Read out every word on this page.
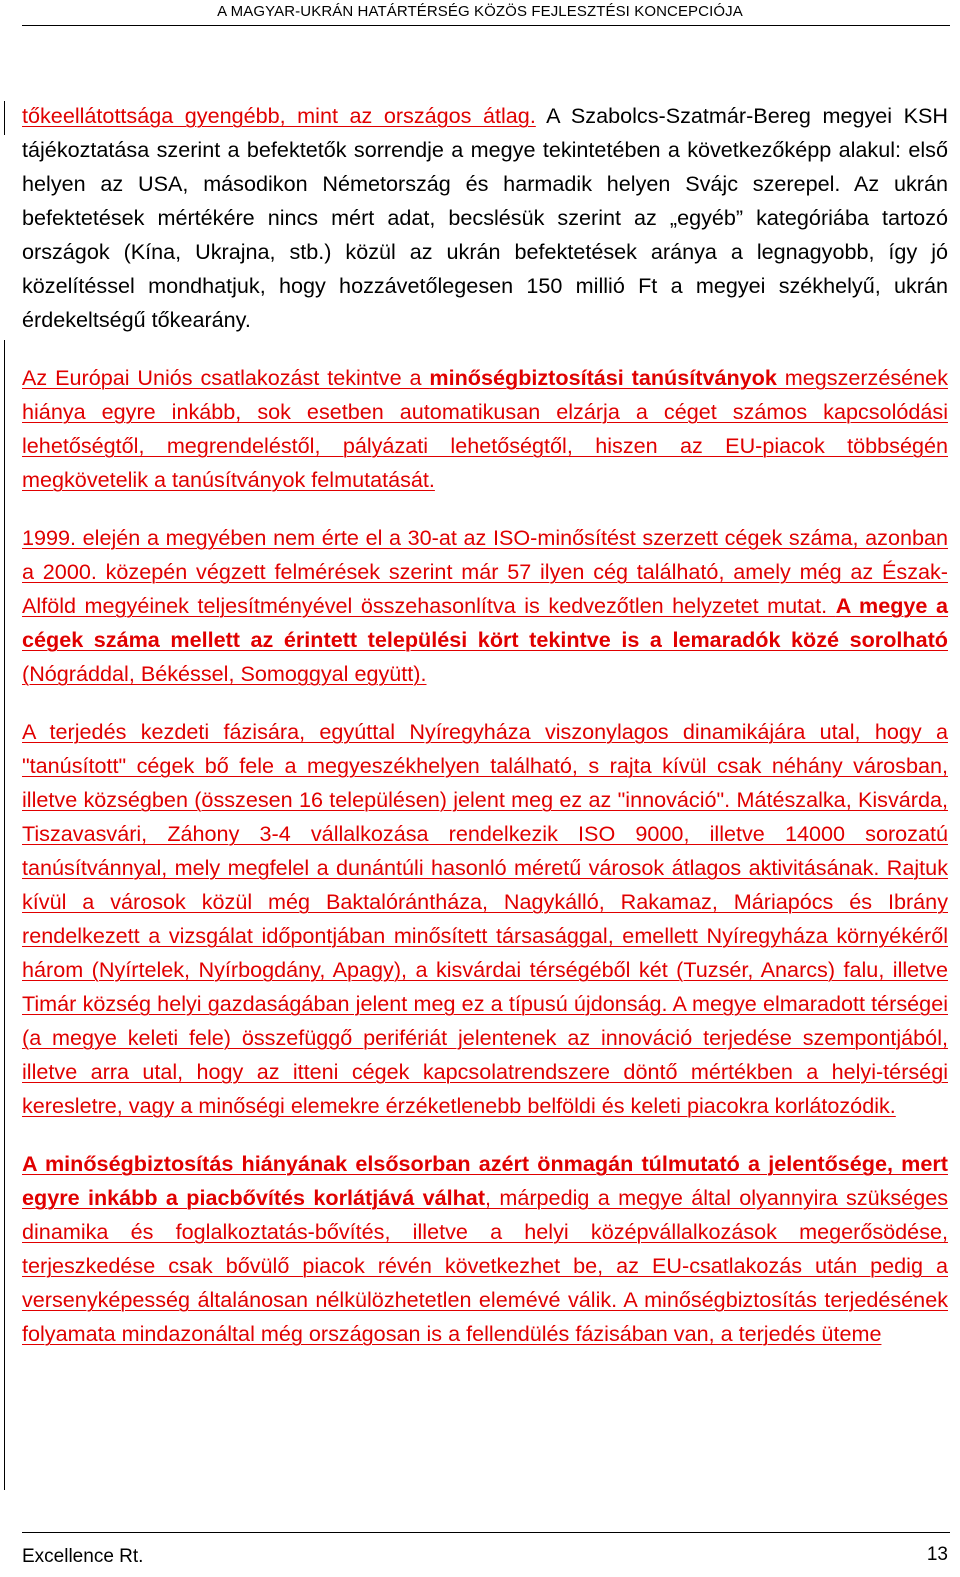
A MAGYAR-UKRÁN HATÁRTÉRSÉG KÖZÖS FEJLESZTÉSI KONCEPCIÓJA

tőkeellátottsága gyengébb, mint az országos átlag. A Szabolcs-Szatmár-Bereg megyei KSH tájékoztatása szerint a befektetők sorrendje a megye tekintetében a következőképp alakul: első helyen az USA, másodikon Németország és harmadik helyen Svájc szerepel. Az ukrán befektetések mértékére nincs mért adat, becslésük szerint az „egyéb” kategóriába tartozó országok (Kína, Ukrajna, stb.) közül az ukrán befektetések aránya a legnagyobb, így jó közelítéssel mondhatjuk, hogy hozzávetőlegesen 150 millió Ft a megyei székhelyű, ukrán érdekeltségű tőkearány.

Az Európai Uniós csatlakozást tekintve a minőségbiztosítási tanúsítványok megszerzésének hiánya egyre inkább, sok esetben automatikusan elzárja a céget számos kapcsolódási lehetőségtől, megrendeléstől, pályázati lehetőségtől, hiszen az EU-piacok többségén megkövetelik a tanúsítványok felmutatását.

1999. elején a megyében nem érte el a 30-at az ISO-minősítést szerzett cégek száma, azonban a 2000. közepén végzett felmérések szerint már 57 ilyen cég található, amely még az Észak-Alföld megyéinek teljesítményével összehasonlítva is kedvezőtlen helyzetet mutat. A megye a cégek száma mellett az érintett települési kört tekintve is a lemaradók közé sorolható (Nógráddal, Békéssel, Somoggyal együtt).

A terjedés kezdeti fázisára, egyúttal Nyíregyháza viszonylagos dinamikájára utal, hogy a "tanúsított" cégek bő fele a megyeszékhelyen található, s rajta kívül csak néhány városban, illetve községben (összesen 16 településen) jelent meg ez az "innováció". Mátészalka, Kisvárda, Tiszavasvári, Záhony 3-4 vállalkozása rendelkezik ISO 9000, illetve 14000 sorozatú tanúsítvánnyal, mely megfelel a dunántúli hasonló méretű városok átlagos aktivitásának. Rajtuk kívül a városok közül még Baktalórántháza, Nagykálló, Rakamaz, Máriapócs és Ibrány rendelkezett a vizsgálat időpontjában minősített társasággal, emellett Nyíregyháza környékéről három (Nyírtelek, Nyírbogdány, Apagy), a kisvárdai térségéből két (Tuzsér, Anarcs) falu, illetve Timár község helyi gazdaságában jelent meg ez a típusú újdonság. A megye elmaradott térségei (a megye keleti fele) összefüggő perifériát jelentenek az innováció terjedése szempontjából, illetve arra utal, hogy az itteni cégek kapcsolatrendszere döntő mértékben a helyi-térségi keresletre, vagy a minőségi elemekre érzéketlenebb belföldi és keleti piacokra korlátozódik.

A minőségbiztosítás hiányának elsősorban azért önmagán túlmutató a jelentősége, mert egyre inkább a piacbővítés korlátjává válhat, márpedig a megye által olyannyira szükséges dinamika és foglalkoztatás-bővítés, illetve a helyi középvállalkozások megerősödése, terjeszkedése csak bővülő piacok révén következhet be, az EU-csatlakozás után pedig a versenyképesség általánosan nélkülözhetetlen elemévé válik. A minőségbiztosítás terjedésének folyamata mindazonáltal még országosan is a fellendülés fázisában van, a terjedés üteme

Excellence Rt.	13
